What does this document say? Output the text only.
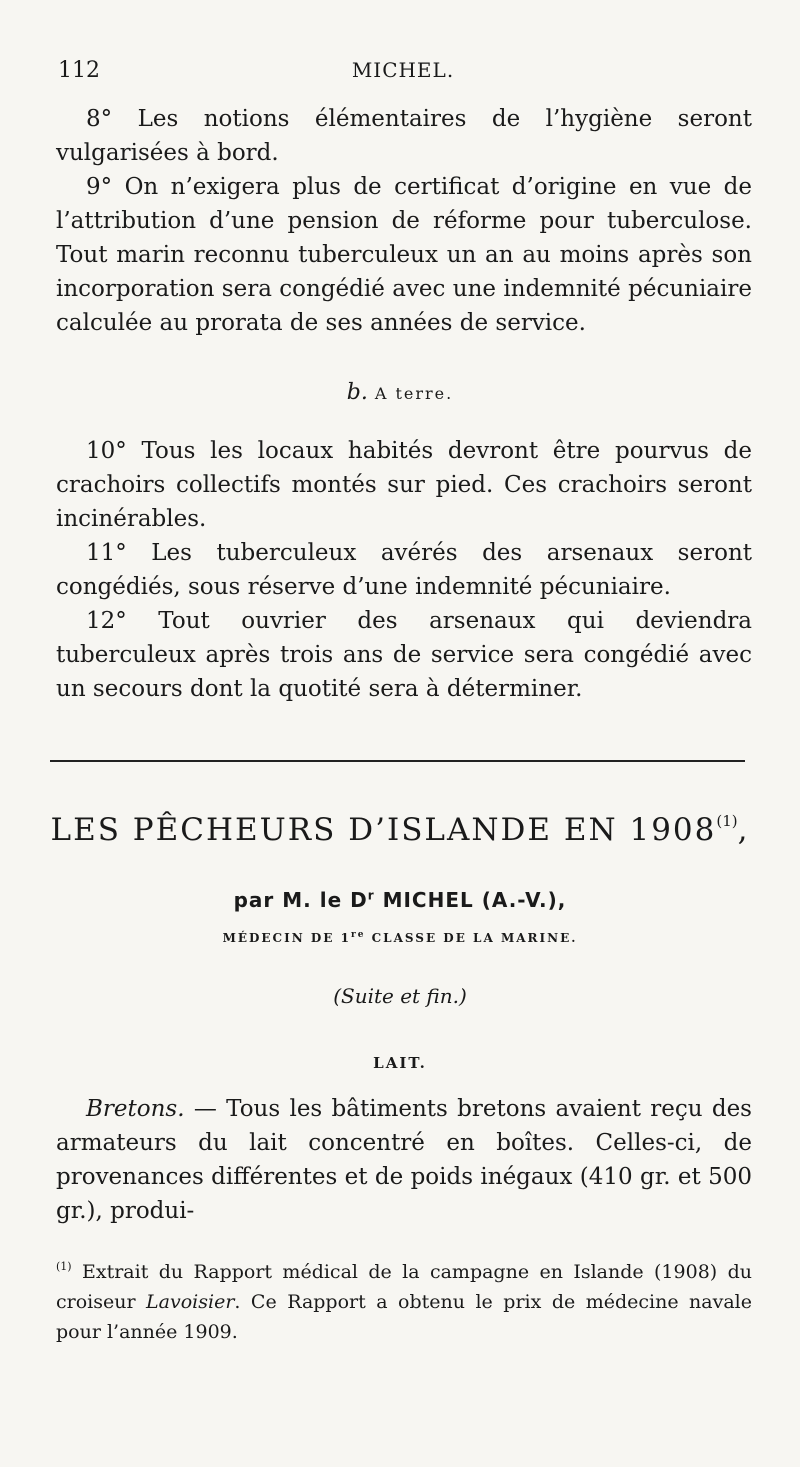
112	MICHEL.

8° Les notions élémentaires de l’hygiène seront vulgarisées à bord.

9° On n’exigera plus de certificat d’origine en vue de l’attribution d’une pension de réforme pour tuberculose. Tout marin reconnu tuberculeux un an au moins après son incorporation sera congédié avec une indemnité pécuniaire calculée au prorata de ses années de service.

b. A terre.

10° Tous les locaux habités devront être pourvus de crachoirs collectifs montés sur pied. Ces crachoirs seront incinérables.

11° Les tuberculeux avérés des arsenaux seront congédiés, sous réserve d’une indemnité pécuniaire.

12° Tout ouvrier des arsenaux qui deviendra tuberculeux après trois ans de service sera congédié avec un secours dont la quotité sera à déterminer.

LES PÊCHEURS D’ISLANDE EN 1908$^{(1)}$,
par M. le $D^r$ MICHEL (A.-V.),
MÉDECIN DE 1re CLASSE DE LA MARINE.
(Suite et fin.)
LAIT.

Bretons. — Tous les bâtiments bretons avaient reçu des armateurs du lait concentré en boîtes. Celles-ci, de provenances différentes et de poids inégaux (410 gr. et 500 gr.), produi-

$^{(1)}$ Extrait du Rapport médical de la campagne en Islande (1908) du croiseur Lavoisier. Ce Rapport a obtenu le prix de médecine navale pour l’année 1909.
